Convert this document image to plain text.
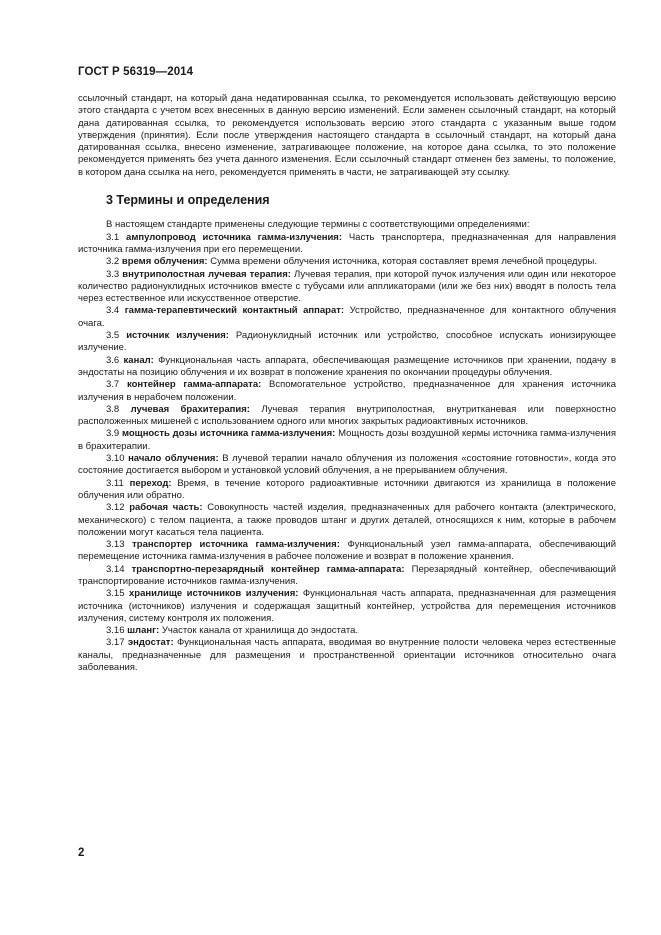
ГОСТ Р 56319—2014

ссылочный стандарт, на который дана недатированная ссылка, то рекомендуется использовать действующую версию этого стандарта с учетом всех внесенных в данную версию изменений. Если заменен ссылочный стандарт, на который дана датированная ссылка, то рекомендуется использовать версию этого стандарта с указанным выше годом утверждения (принятия). Если после утверждения настоящего стандарта в ссылочный стандарт, на который дана датированная ссылка, внесено изменение, затрагивающее положение, на которое дана ссылка, то это положение рекомендуется применять без учета данного изменения. Если ссылочный стандарт отменен без замены, то положение, в котором дана ссылка на него, рекомендуется применять в части, не затрагивающей эту ссылку.

3 Термины и определения

В настоящем стандарте применены следующие термины с соответствующими определениями:

3.1 ампулопровод источника гамма-излучения: Часть транспортера, предназначенная для направления источника гамма-излучения при его перемещении.

3.2 время облучения: Сумма времени облучения источника, которая составляет время лечебной процедуры.

3.3 внутриполостная лучевая терапия: Лучевая терапия, при которой пучок излучения или один или некоторое количество радионуклидных источников вместе с тубусами или аппликаторами (или же без них) вводят в полость тела через естественное или искусственное отверстие.

3.4 гамма-терапевтический контактный аппарат: Устройство, предназначенное для контактного облучения очага.

3.5 источник излучения: Радионуклидный источник или устройство, способное испускать ионизирующее излучение.

3.6 канал: Функциональная часть аппарата, обеспечивающая размещение источников при хранении, подачу в эндостаты на позицию облучения и их возврат в положение хранения по окончании процедуры облучения.

3.7 контейнер гамма-аппарата: Вспомогательное устройство, предназначенное для хранения источника излучения в нерабочем положении.

3.8 лучевая брахитерапия: Лучевая терапия внутриполостная, внутритканевая или поверхностно расположенных мишеней с использованием одного или многих закрытых радиоактивных источников.

3.9 мощность дозы источника гамма-излучения: Мощность дозы воздушной кермы источника гамма-излучения в брахитерапии.

3.10 начало облучения: В лучевой терапии начало облучения из положения «состояние готовности», когда это состояние достигается выбором и установкой условий облучения, а не прерыванием облучения.

3.11 переход: Время, в течение которого радиоактивные источники двигаются из хранилища в положение облучения или обратно.

3.12 рабочая часть: Совокупность частей изделия, предназначенных для рабочего контакта (электрического, механического) с телом пациента, а также проводов штанг и других деталей, относящихся к ним, которые в рабочем положении могут касаться тела пациента.

3.13 транспортер источника гамма-излучения: Функциональный узел гамма-аппарата, обеспечивающий перемещение источника гамма-излучения в рабочее положение и возврат в положение хранения.

3.14 транспортно-перезарядный контейнер гамма-аппарата: Перезарядный контейнер, обеспечивающий транспортирование источников гамма-излучения.

3.15 хранилище источников излучения: Функциональная часть аппарата, предназначенная для размещения источника (источников) излучения и содержащая защитный контейнер, устройства для перемещения источников излучения, систему контроля их положения.

3.16 шланг: Участок канала от хранилища до эндостата.

3.17 эндостат: Функциональная часть аппарата, вводимая во внутренние полости человека через естественные каналы, предназначенные для размещения и пространственной ориентации источников относительно очага заболевания.

2
